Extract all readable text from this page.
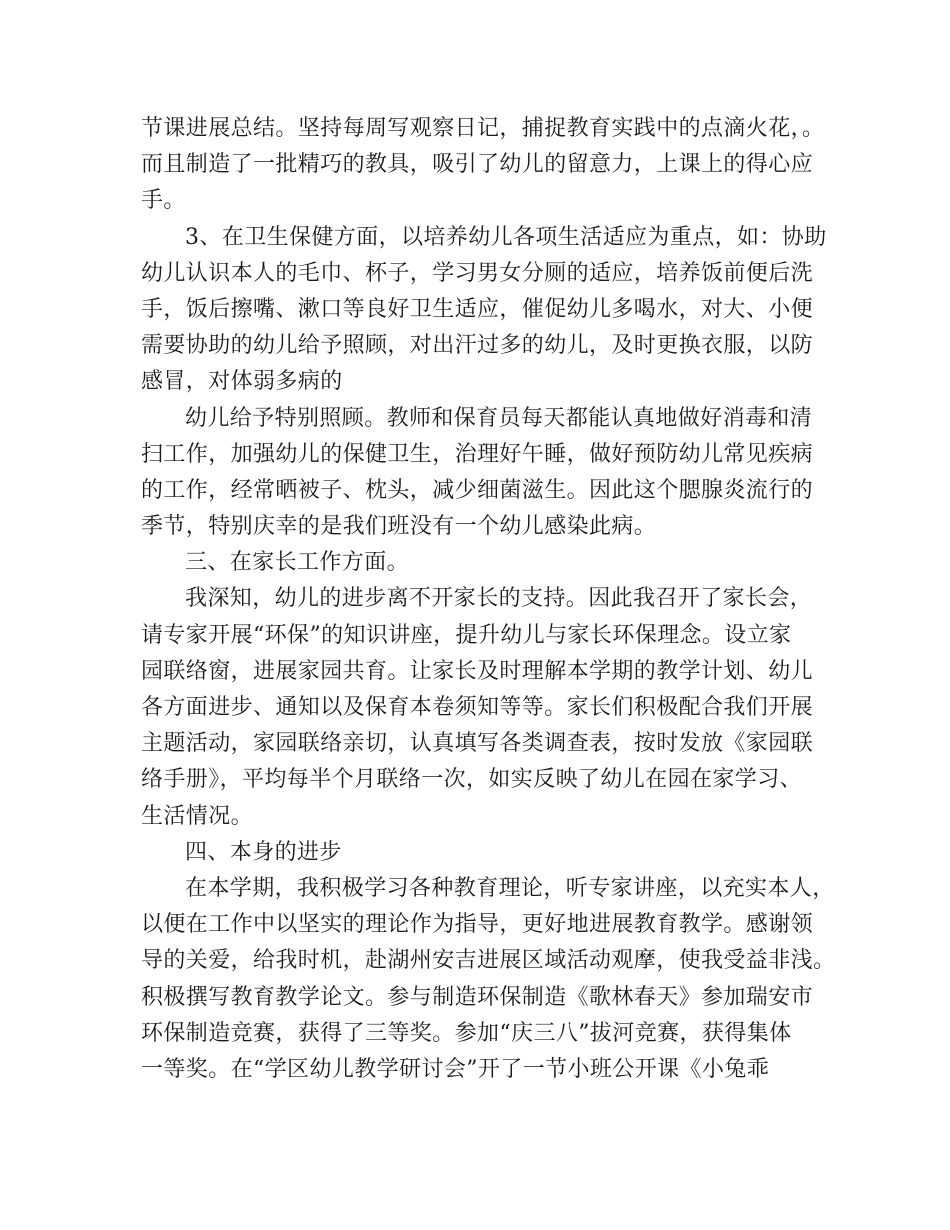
节课进展总结。坚持每周写观察日记，捕捉教育实践中的点滴火花，。
而且制造了一批精巧的教具，吸引了幼儿的留意力，上课上的得心应
手。
3、在卫生保健方面，以培养幼儿各项生活适应为重点，如：协助
幼儿认识本人的毛巾、杯子，学习男女分厕的适应，培养饭前便后洗
手，饭后擦嘴、漱口等良好卫生适应，催促幼儿多喝水，对大、小便
需要协助的幼儿给予照顾，对出汗过多的幼儿，及时更换衣服，以防
感冒，对体弱多病的
幼儿给予特别照顾。教师和保育员每天都能认真地做好消毒和清
扫工作，加强幼儿的保健卫生，治理好午睡，做好预防幼儿常见疾病
的工作，经常晒被子、枕头，减少细菌滋生。因此这个腮腺炎流行的
季节，特别庆幸的是我们班没有一个幼儿感染此病。
三、在家长工作方面。
我深知，幼儿的进步离不开家长的支持。因此我召开了家长会，
请专家开展“环保”的知识讲座，提升幼儿与家长环保理念。设立家
园联络窗，进展家园共育。让家长及时理解本学期的教学计划、幼儿
各方面进步、通知以及保育本卷须知等等。家长们积极配合我们开展
主题活动，家园联络亲切，认真填写各类调查表，按时发放《家园联
络手册》，平均每半个月联络一次，如实反映了幼儿在园在家学习、
生活情况。
四、本身的进步
在本学期，我积极学习各种教育理论，听专家讲座，以充实本人，
以便在工作中以坚实的理论作为指导，更好地进展教育教学。感谢领
导的关爱，给我时机，赴湖州安吉进展区域活动观摩，使我受益非浅。
积极撰写教育教学论文。参与制造环保制造《歌林春天》参加瑞安市
环保制造竞赛，获得了三等奖。参加“庆三八”拔河竞赛，获得集体
一等奖。在“学区幼儿教学研讨会”开了一节小班公开课《小兔乖
